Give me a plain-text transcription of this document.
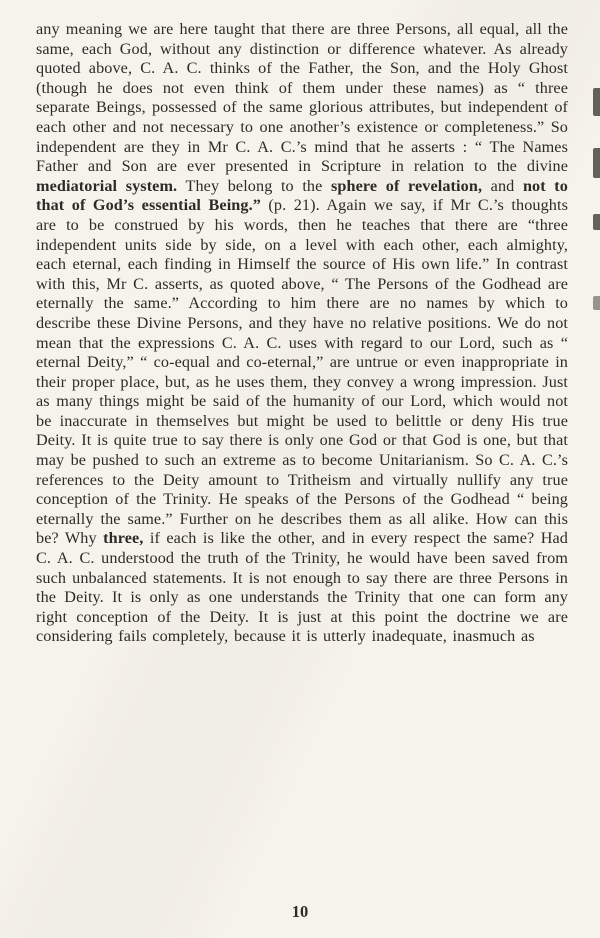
any meaning we are here taught that there are three Persons, all equal, all the same, each God, without any distinction or difference whatever. As already quoted above, C. A. C. thinks of the Father, the Son, and the Holy Ghost (though he does not even think of them under these names) as “ three separate Beings, possessed of the same glorious attributes, but independent of each other and not necessary to one another’s existence or completeness.” So independent are they in Mr C. A. C.’s mind that he asserts : “ The Names Father and Son are ever presented in Scripture in relation to the divine mediatorial system. They belong to the sphere of revelation, and not to that of God’s essential Being.” (p. 21). Again we say, if Mr C.’s thoughts are to be construed by his words, then he teaches that there are “three independent units side by side, on a level with each other, each almighty, each eternal, each finding in Himself the source of His own life.” In contrast with this, Mr C. asserts, as quoted above, “ The Persons of the Godhead are eternally the same.” According to him there are no names by which to describe these Divine Persons, and they have no relative positions. We do not mean that the expressions C. A. C. uses with regard to our Lord, such as “ eternal Deity,” “ co-equal and co-eternal,” are untrue or even inappropriate in their proper place, but, as he uses them, they convey a wrong impression. Just as many things might be said of the humanity of our Lord, which would not be inaccurate in themselves but might be used to belittle or deny His true Deity. It is quite true to say there is only one God or that God is one, but that may be pushed to such an extreme as to become Unitarianism. So C. A. C.’s references to the Deity amount to Tritheism and virtually nullify any true conception of the Trinity. He speaks of the Persons of the Godhead “ being eternally the same.” Further on he describes them as all alike. How can this be? Why three, if each is like the other, and in every respect the same? Had C. A. C. understood the truth of the Trinity, he would have been saved from such unbalanced statements. It is not enough to say there are three Persons in the Deity. It is only as one understands the Trinity that one can form any right conception of the Deity. It is just at this point the doctrine we are considering fails completely, because it is utterly inadequate, inasmuch as
10
